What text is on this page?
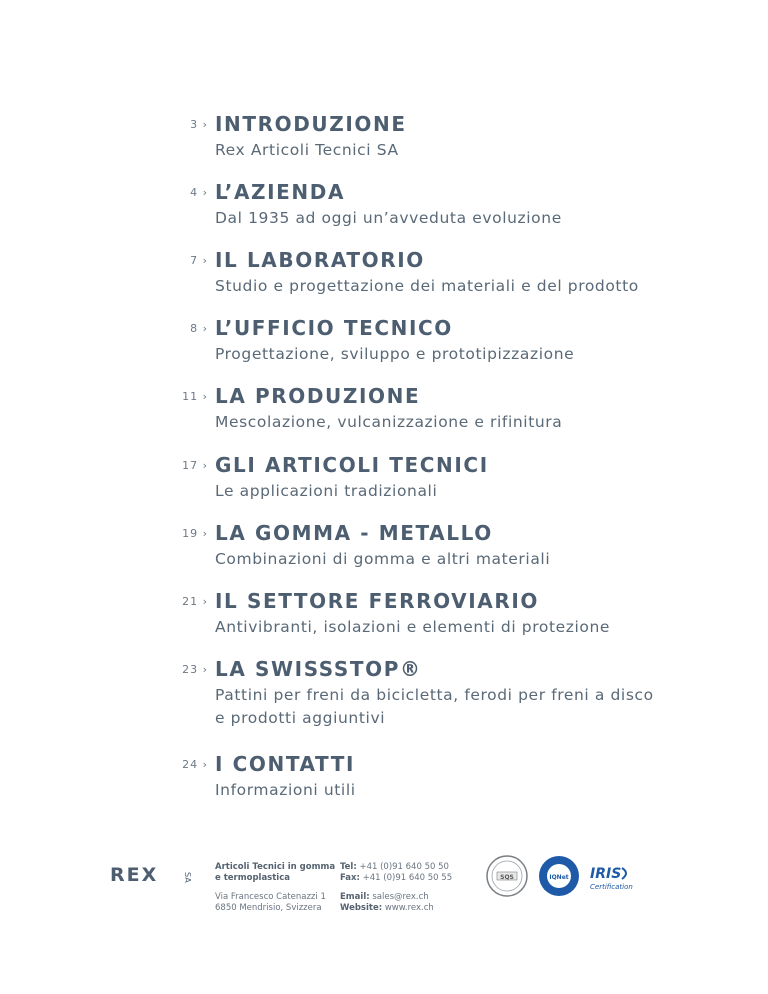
3 › INTRODUZIONE
Rex Articoli Tecnici SA
4 › L’AZIENDA
Dal 1935 ad oggi un’avveduta evoluzione
7 › IL LABORATORIO
Studio e progettazione dei materiali e del prodotto
8 › L’UFFICIO TECNICO
Progettazione, sviluppo e prototipizzazione
11 › LA PRODUZIONE
Mescolazione, vulcanizzazione e rifinitura
17 › GLI ARTICOLI TECNICI
Le applicazioni tradizionali
19 › LA GOMMA - METALLO
Combinazioni di gomma e altri materiali
21 › IL SETTORE FERROVIARIO
Antivibranti, isolazioni e elementi di protezione
23 › LA SWISSSTOP®
Pattini per freni da bicicletta, ferodi per freni a disco e prodotti aggiuntivi
24 › I CONTATTI
Informazioni utili
REX	SA
Articoli Tecnici in gomma
e termoplastica
Via Francesco Catenazzi 1
6850 Mendrisio, Svizzera
Tel: +41 (0)91 640 50 50
Fax: +41 (0)91 640 50 55
Email: sales@rex.ch
Website: www.rex.ch
SQS	IQNet IRIS
Certification
